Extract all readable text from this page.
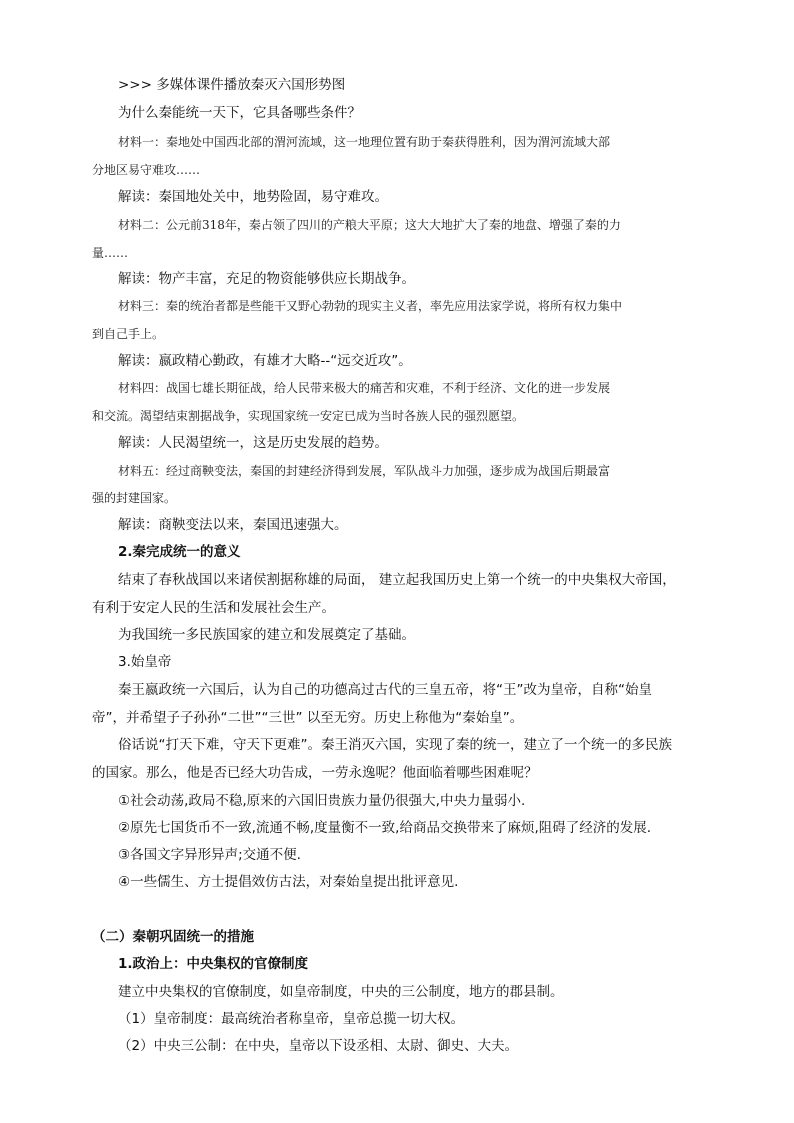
>>> 多媒体课件播放秦灭六国形势图
为什么秦能统一天下，它具备哪些条件？
材料一：秦地处中国西北部的渭河流域，这一地理位置有助于秦获得胜利，因为渭河流域大部
分地区易守难攻……
解读：秦国地处关中，地势险固，易守难攻。
材料二：公元前318年，秦占领了四川的产粮大平原；这大大地扩大了秦的地盘、增强了秦的力
量……
解读：物产丰富，充足的物资能够供应长期战争。
材料三：秦的统治者都是些能干又野心勃勃的现实主义者，率先应用法家学说，将所有权力集中
到自己手上。
解读：嬴政精心勤政，有雄才大略--“远交近攻”。
材料四：战国七雄长期征战，给人民带来极大的痛苦和灾难，不利于经济、文化的进一步发展
和交流。渴望结束割据战争，实现国家统一安定已成为当时各族人民的强烈愿望。
解读：人民渴望统一，这是历史发展的趋势。
材料五：经过商鞅变法，秦国的封建经济得到发展，军队战斗力加强，逐步成为战国后期最富
强的封建国家。
解读：商鞅变法以来，秦国迅速强大。
2.秦完成统一的意义
结束了春秋战国以来诸侯割据称雄的局面， 建立起我国历史上第一个统一的中央集权大帝国，
有利于安定人民的生活和发展社会生产。
为我国统一多民族国家的建立和发展奠定了基础。
3.始皇帝
秦王嬴政统一六国后，认为自己的功德高过古代的三皇五帝，将“王”改为皇帝，自称“始皇
帝”，并希望子子孙孙“二世”“三世” 以至无穷。历史上称他为“秦始皇”。
俗话说“打天下难，守天下更难”。秦王消灭六国，实现了秦的统一，建立了一个统一的多民族
的国家。那么，他是否已经大功告成，一劳永逸呢？他面临着哪些困难呢？
①社会动荡,政局不稳,原来的六国旧贵族力量仍很强大,中央力量弱小.
②原先七国货币不一致,流通不畅,度量衡不一致,给商品交换带来了麻烦,阻碍了经济的发展.
③各国文字异形异声;交通不便.
④一些儒生、方士提倡效仿古法，对秦始皇提出批评意见.
（二）秦朝巩固统一的措施
1.政治上：中央集权的官僚制度
建立中央集权的官僚制度，如皇帝制度，中央的三公制度，地方的郡县制。
（1）皇帝制度：最高统治者称皇帝，皇帝总揽一切大权。
（2）中央三公制：在中央，皇帝以下设丞相、太尉、御史、大夫。
